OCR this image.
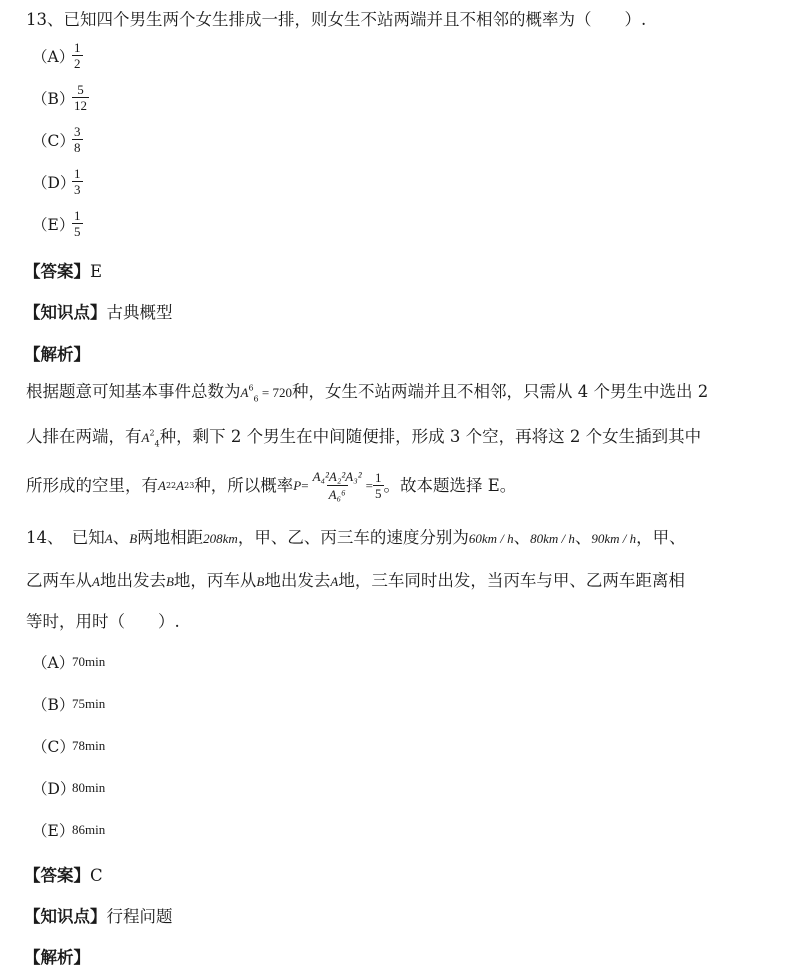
13、已知四个男生两个女生排成一排，则女生不站两端并且不相邻的概率为（　　）.
（A）
$\frac{1}{2}$
（B）
$\frac{5}{12}$
（C）
$\frac{3}{8}$
（D）
$\frac{1}{3}$
（E）
$\frac{1}{5}$
【答案】E
【知识点】古典概型
【解析】
根据题意可知基本事件总数为$A^6_6 = 720$种，女生不站两端并且不相邻，只需从 4 个男生中选出 2
人排在两端，有$A^2_4$种，剩下 2 个男生在中间随便排，形成 3 个空，再将这 2 个女生插到其中
所形成的空里，有 A 2 2 A 2 3 种，所以概率 $P = \frac{\text{A₄²A₂²A₃²}}{\text{A₆⁶}} = \frac{1}{5}$ 。故本题选择 E。
14、　已知A、B两地相距208km，甲、乙、丙三车的速度分别为60km / h、80km / h、90km / h，甲、
乙两车从A地出发去B地，丙车从B地出发去A地，三车同时出发，当丙车与甲、乙两车距离相
等时，用时（　　）.
（A）
70min
（B）
75min
（C）
78min
（D）
80min
（E）
86min
【答案】C
【知识点】行程问题
【解析】
